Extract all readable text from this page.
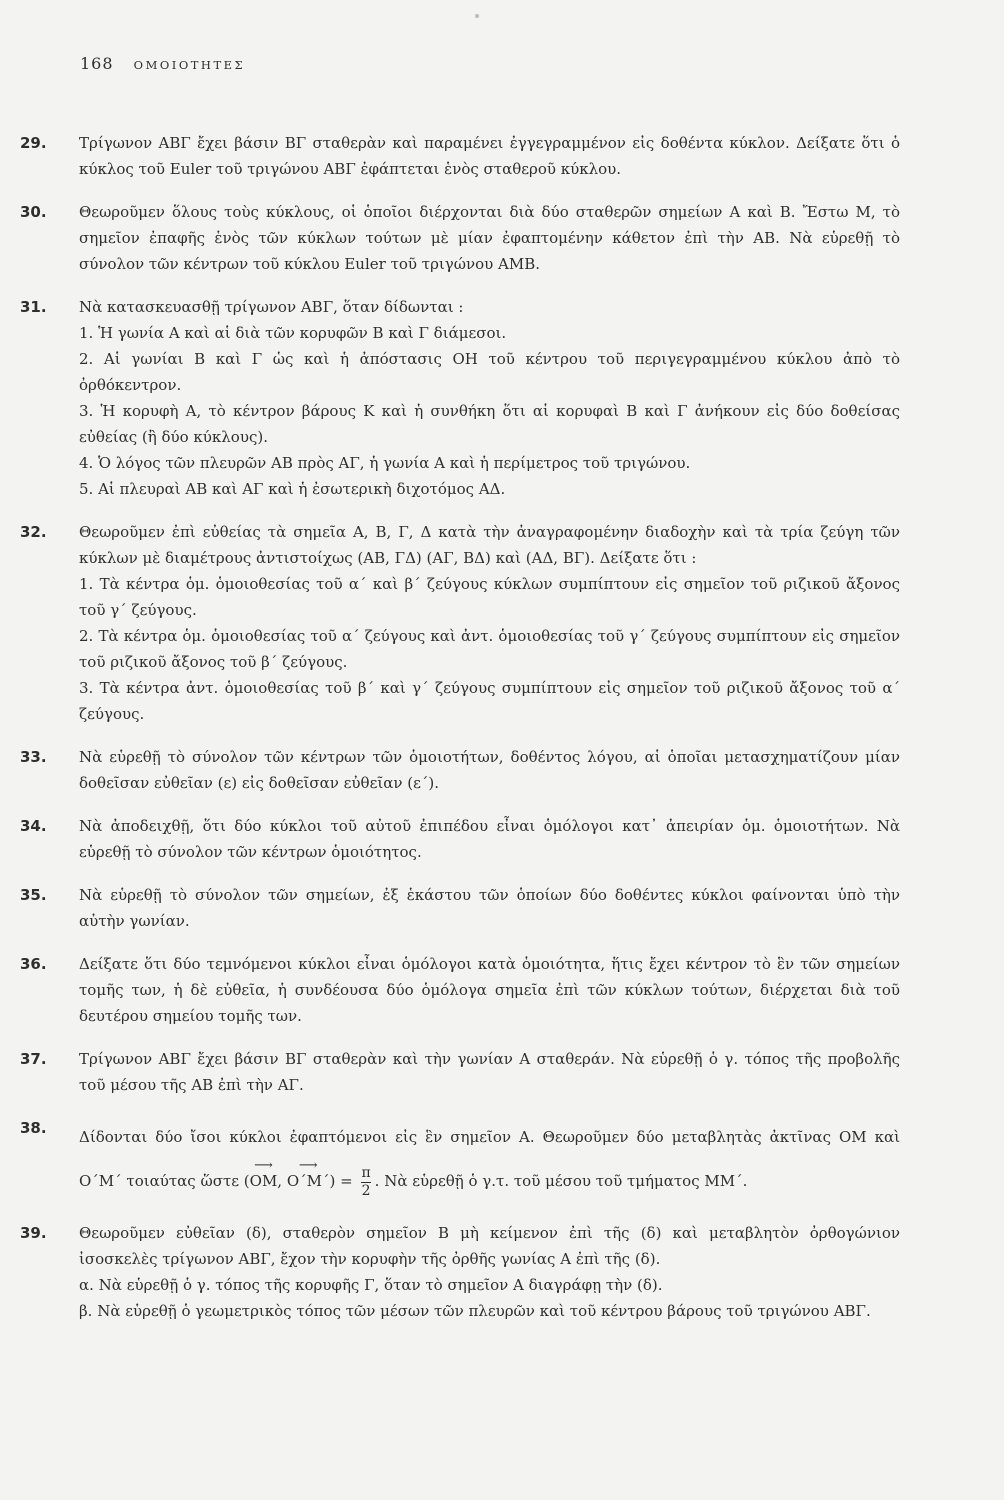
168 ΟΜΟΙΟΤΗΤΕΣ
29. Τρίγωνον ΑΒΓ ἔχει βάσιν ΒΓ σταθερὰν καὶ παραμένει ἐγγεγραμμένον εἰς δοθέντα κύκλον. Δείξατε ὅτι ὁ κύκλος τοῦ Euler τοῦ τριγώνου ΑΒΓ ἐφάπτεται ἑνὸς σταθεροῦ κύκλου.
30. Θεωροῦμεν ὅλους τοὺς κύκλους, οἱ ὁποῖοι διέρχονται διὰ δύο σταθερῶν σημείων Α καὶ Β. Ἔστω Μ, τὸ σημεῖον ἐπαφῆς ἑνὸς τῶν κύκλων τούτων μὲ μίαν ἐφαπτομένην κάθετον ἐπὶ τὴν ΑΒ. Νὰ εὑρεθῇ τὸ σύνολον τῶν κέντρων τοῦ κύκλου Euler τοῦ τριγώνου ΑΜΒ.
31. Νὰ κατασκευασθῇ τρίγωνον ΑΒΓ, ὅταν δίδωνται :
1. Ἡ γωνία Α καὶ αἱ διὰ τῶν κορυφῶν Β καὶ Γ διάμεσοι.
2. Αἱ γωνίαι Β καὶ Γ ὡς καὶ ἡ ἀπόστασις ΟΗ τοῦ κέντρου τοῦ περιγεγραμμένου κύκλου ἀπὸ τὸ ὀρθόκεντρον.
3. Ἡ κορυφὴ Α, τὸ κέντρον βάρους Κ καὶ ἡ συνθήκη ὅτι αἱ κορυφαὶ Β καὶ Γ ἀνήκουν εἰς δύο δοθείσας εὐθείας (ἢ δύο κύκλους).
4. Ὁ λόγος τῶν πλευρῶν ΑΒ πρὸς ΑΓ, ἡ γωνία Α καὶ ἡ περίμετρος τοῦ τριγώνου.
5. Αἱ πλευραὶ ΑΒ καὶ ΑΓ καὶ ἡ ἐσωτερικὴ διχοτόμος ΑΔ.
32. Θεωροῦμεν ἐπὶ εὐθείας τὰ σημεῖα Α, Β, Γ, Δ κατὰ τὴν ἀναγραφομένην διαδοχὴν καὶ τὰ τρία ζεύγη τῶν κύκλων μὲ διαμέτρους ἀντιστοίχως (ΑΒ, ΓΔ) (ΑΓ, ΒΔ) καὶ (ΑΔ, ΒΓ). Δείξατε ὅτι :
1. Τὰ κέντρα ὁμ. ὁμοιοθεσίας τοῦ α΄ καὶ β΄ ζεύγους κύκλων συμπίπτουν εἰς σημεῖον τοῦ ριζικοῦ ἄξονος τοῦ γ΄ ζεύγους.
2. Τὰ κέντρα ὁμ. ὁμοιοθεσίας τοῦ α΄ ζεύγους καὶ ἀντ. ὁμοιοθεσίας τοῦ γ΄ ζεύγους συμπίπτουν εἰς σημεῖον τοῦ ριζικοῦ ἄξονος τοῦ β΄ ζεύγους.
3. Τὰ κέντρα ἀντ. ὁμοιοθεσίας τοῦ β΄ καὶ γ΄ ζεύγους συμπίπτουν εἰς σημεῖον τοῦ ριζικοῦ ἄξονος τοῦ α΄ ζεύγους.
33. Νὰ εὑρεθῇ τὸ σύνολον τῶν κέντρων τῶν ὁμοιοτήτων, δοθέντος λόγου, αἱ ὁποῖαι μετασχηματίζουν μίαν δοθεῖσαν εὐθεῖαν (ε) εἰς δοθεῖσαν εὐθεῖαν (ε΄).
34. Νὰ ἀποδειχθῇ, ὅτι δύο κύκλοι τοῦ αὐτοῦ ἐπιπέδου εἶναι ὁμόλογοι κατ᾽ ἀπειρίαν ὁμ. ὁμοιοτήτων. Νὰ εὑρεθῇ τὸ σύνολον τῶν κέντρων ὁμοιότητος.
35. Νὰ εὑρεθῇ τὸ σύνολον τῶν σημείων, ἐξ ἑκάστου τῶν ὁποίων δύο δοθέντες κύκλοι φαίνονται ὑπὸ τὴν αὐτὴν γωνίαν.
36. Δείξατε ὅτι δύο τεμνόμενοι κύκλοι εἶναι ὁμόλογοι κατὰ ὁμοιότητα, ἥτις ἔχει κέντρον τὸ ἓν τῶν σημείων τομῆς των, ἡ δὲ εὐθεῖα, ἡ συνδέουσα δύο ὁμόλογα σημεῖα ἐπὶ τῶν κύκλων τούτων, διέρχεται διὰ τοῦ δευτέρου σημείου τομῆς των.
37. Τρίγωνον ΑΒΓ ἔχει βάσιν ΒΓ σταθερὰν καὶ τὴν γωνίαν Α σταθεράν. Νὰ εὑρεθῇ ὁ γ. τόπος τῆς προβολῆς τοῦ μέσου τῆς ΑΒ ἐπὶ τὴν ΑΓ.
38. Δίδονται δύο ἴσοι κύκλοι ἐφαπτόμενοι εἰς ἓν σημεῖον Α. Θεωροῦμεν δύο μεταβλητὰς ἀκτῖνας ΟΜ καὶ Ο΄Μ΄ τοιαύτας ὥστε (⟶ ΟΜ, ⟶ $O΄M΄) = \frac{\pi}{2}$ . Νὰ εὑρεθῇ ὁ γ.τ. τοῦ μέσου τοῦ τμήματος ΜΜ΄.
39. Θεωροῦμεν εὐθεῖαν (δ), σταθερὸν σημεῖον Β μὴ κείμενον ἐπὶ τῆς (δ) καὶ μεταβλητὸν ὀρθογώνιον ἰσοσκελὲς τρίγωνον ΑΒΓ, ἔχον τὴν κορυφὴν τῆς ὀρθῆς γωνίας Α ἐπὶ τῆς (δ).
α. Νὰ εὑρεθῇ ὁ γ. τόπος τῆς κορυφῆς Γ, ὅταν τὸ σημεῖον Α διαγράφῃ τὴν (δ).
β. Νὰ εὑρεθῇ ὁ γεωμετρικὸς τόπος τῶν μέσων τῶν πλευρῶν καὶ τοῦ κέντρου βάρους τοῦ τριγώνου ΑΒΓ.
